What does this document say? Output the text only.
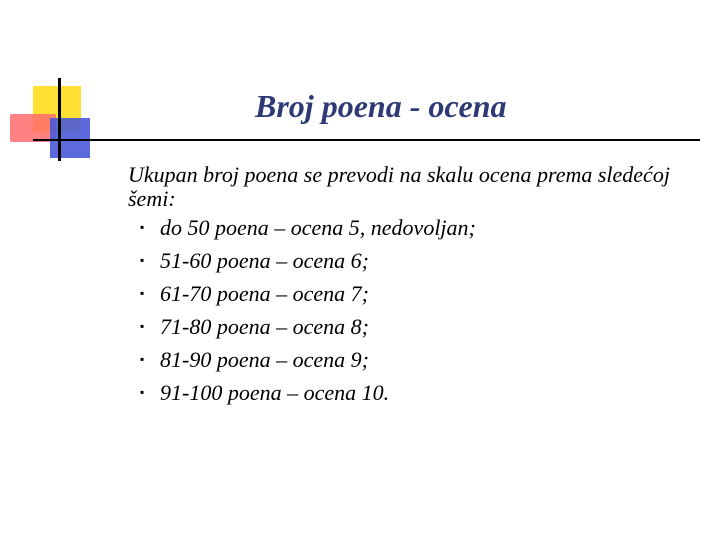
Broj poena - ocena

Ukupan broj poena se prevodi na skalu ocena prema sledećoj šemi:

▪ do 50 poena – ocena 5, nedovoljan;
▪ 51-60 poena – ocena 6;
▪ 61-70 poena – ocena 7;
▪ 71-80 poena – ocena 8;
▪ 81-90 poena – ocena 9;
▪ 91-100 poena – ocena 10.
